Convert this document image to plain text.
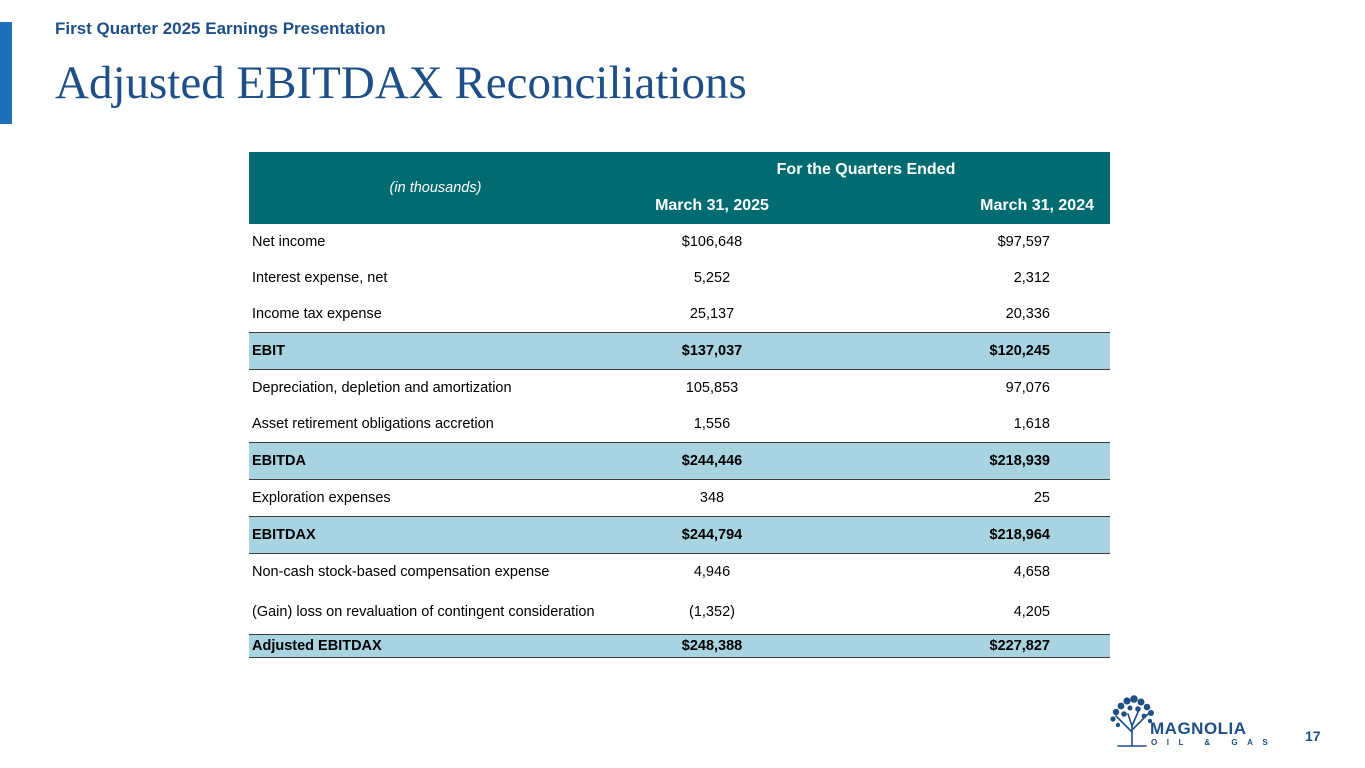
First Quarter 2025 Earnings Presentation
Adjusted EBITDAX Reconciliations
(in thousands)	For the Quarters Ended	
	March 31, 2025	March 31, 2024
Net income	$106,648	$97,597
Interest expense, net	5,252	2,312
Income tax expense	25,137	20,336
EBIT	$137,037	$120,245
Depreciation, depletion and amortization	105,853	97,076
Asset retirement obligations accretion	1,556	1,618
EBITDA	$244,446	$218,939
Exploration expenses	348	25
EBITDAX	$244,794	$218,964
Non-cash stock-based compensation expense	4,946	4,658
(Gain) loss on revaluation of contingent consideration	(1,352)	4,205
Adjusted EBITDAX	$248,388	$227,827
MAGNOLIA
OIL & GAS 17
